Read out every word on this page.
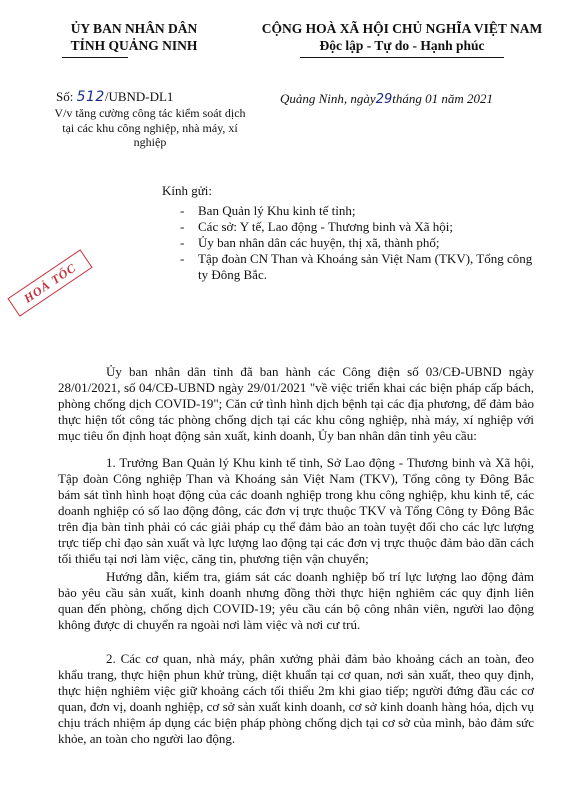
ỦY BAN NHÂN DÂN
TỈNH QUẢNG NINH
CỘNG HOÀ XÃ HỘI CHỦ NGHĨA VIỆT NAM
Độc lập - Tự do - Hạnh phúc
Số: 512/UBND-DL1
V/v tăng cường công tác kiểm soát dịch tại các khu công nghiệp, nhà máy, xí nghiệp
Quảng Ninh, ngày29tháng 01 năm 2021
Kính gửi:
- Ban Quản lý Khu kinh tế tỉnh;
- Các sở: Y tế, Lao động - Thương binh và Xã hội;
- Ủy ban nhân dân các huyện, thị xã, thành phố;
- Tập đoàn CN Than và Khoáng sản Việt Nam (TKV), Tổng công ty Đông Bắc.
HOẢ TỐC

Ủy ban nhân dân tỉnh đã ban hành các Công điện số 03/CĐ-UBND ngày 28/01/2021, số 04/CĐ-UBND ngày 29/01/2021 "về việc triển khai các biện pháp cấp bách, phòng chống dịch COVID-19"; Căn cứ tình hình dịch bệnh tại các địa phương, để đảm bảo thực hiện tốt công tác phòng chống dịch tại các khu công nghiệp, nhà máy, xí nghiệp với mục tiêu ổn định hoạt động sản xuất, kinh doanh, Ủy ban nhân dân tỉnh yêu cầu:

1. Trưởng Ban Quản lý Khu kinh tế tỉnh, Sở Lao động - Thương binh và Xã hội, Tập đoàn Công nghiệp Than và Khoáng sản Việt Nam (TKV), Tổng công ty Đông Bắc bám sát tình hình hoạt động của các doanh nghiệp trong khu công nghiệp, khu kinh tế, các doanh nghiệp có số lao động đông, các đơn vị trực thuộc TKV và Tổng Công ty Đông Bắc trên địa bàn tỉnh phải có các giải pháp cụ thể đảm bảo an toàn tuyệt đối cho các lực lượng trực tiếp chỉ đạo sản xuất và lực lượng lao động tại các đơn vị trực thuộc đảm bảo dãn cách tối thiểu tại nơi làm việc, căng tin, phương tiện vận chuyển;

Hướng dẫn, kiểm tra, giám sát các doanh nghiệp bố trí lực lượng lao động đảm bảo yêu cầu sản xuất, kinh doanh nhưng đồng thời thực hiện nghiêm các quy định liên quan đến phòng, chống dịch COVID-19; yêu cầu cán bộ công nhân viên, người lao động không được di chuyển ra ngoài nơi làm việc và nơi cư trú.

2. Các cơ quan, nhà máy, phân xưởng phải đảm bảo khoảng cách an toàn, đeo khẩu trang, thực hiện phun khử trùng, diệt khuẩn tại cơ quan, nơi sản xuất, theo quy định, thực hiện nghiêm việc giữ khoảng cách tối thiểu 2m khi giao tiếp; người đứng đầu các cơ quan, đơn vị, doanh nghiệp, cơ sở sản xuất kinh doanh, cơ sở kinh doanh hàng hóa, dịch vụ chịu trách nhiệm áp dụng các biện pháp phòng chống dịch tại cơ sở của mình, bảo đảm sức khỏe, an toàn cho người lao động.
